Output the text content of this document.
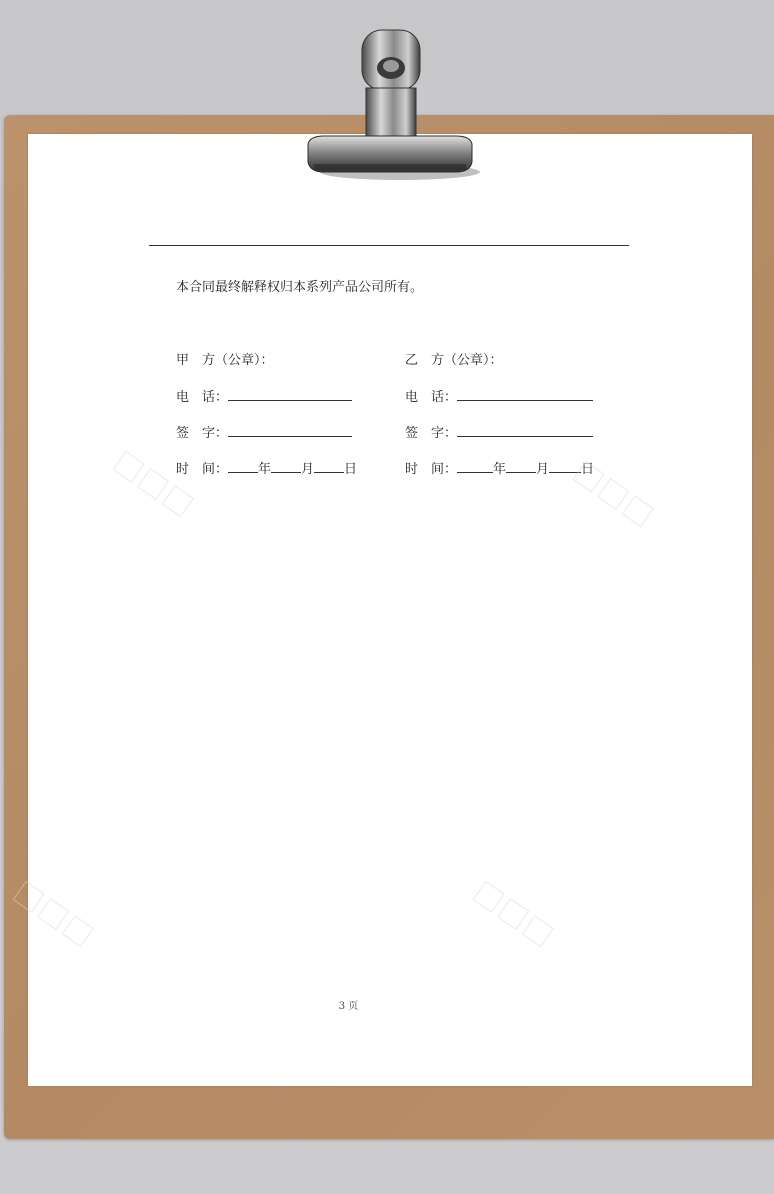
本合同最终解释权归本系列产品公司所有。
甲　方（公章）：
电　话：
签　字：
时　间： 年 月 日
乙　方（公章）：
电　话：
签　字：
时　间：	年 月 日
3 页
